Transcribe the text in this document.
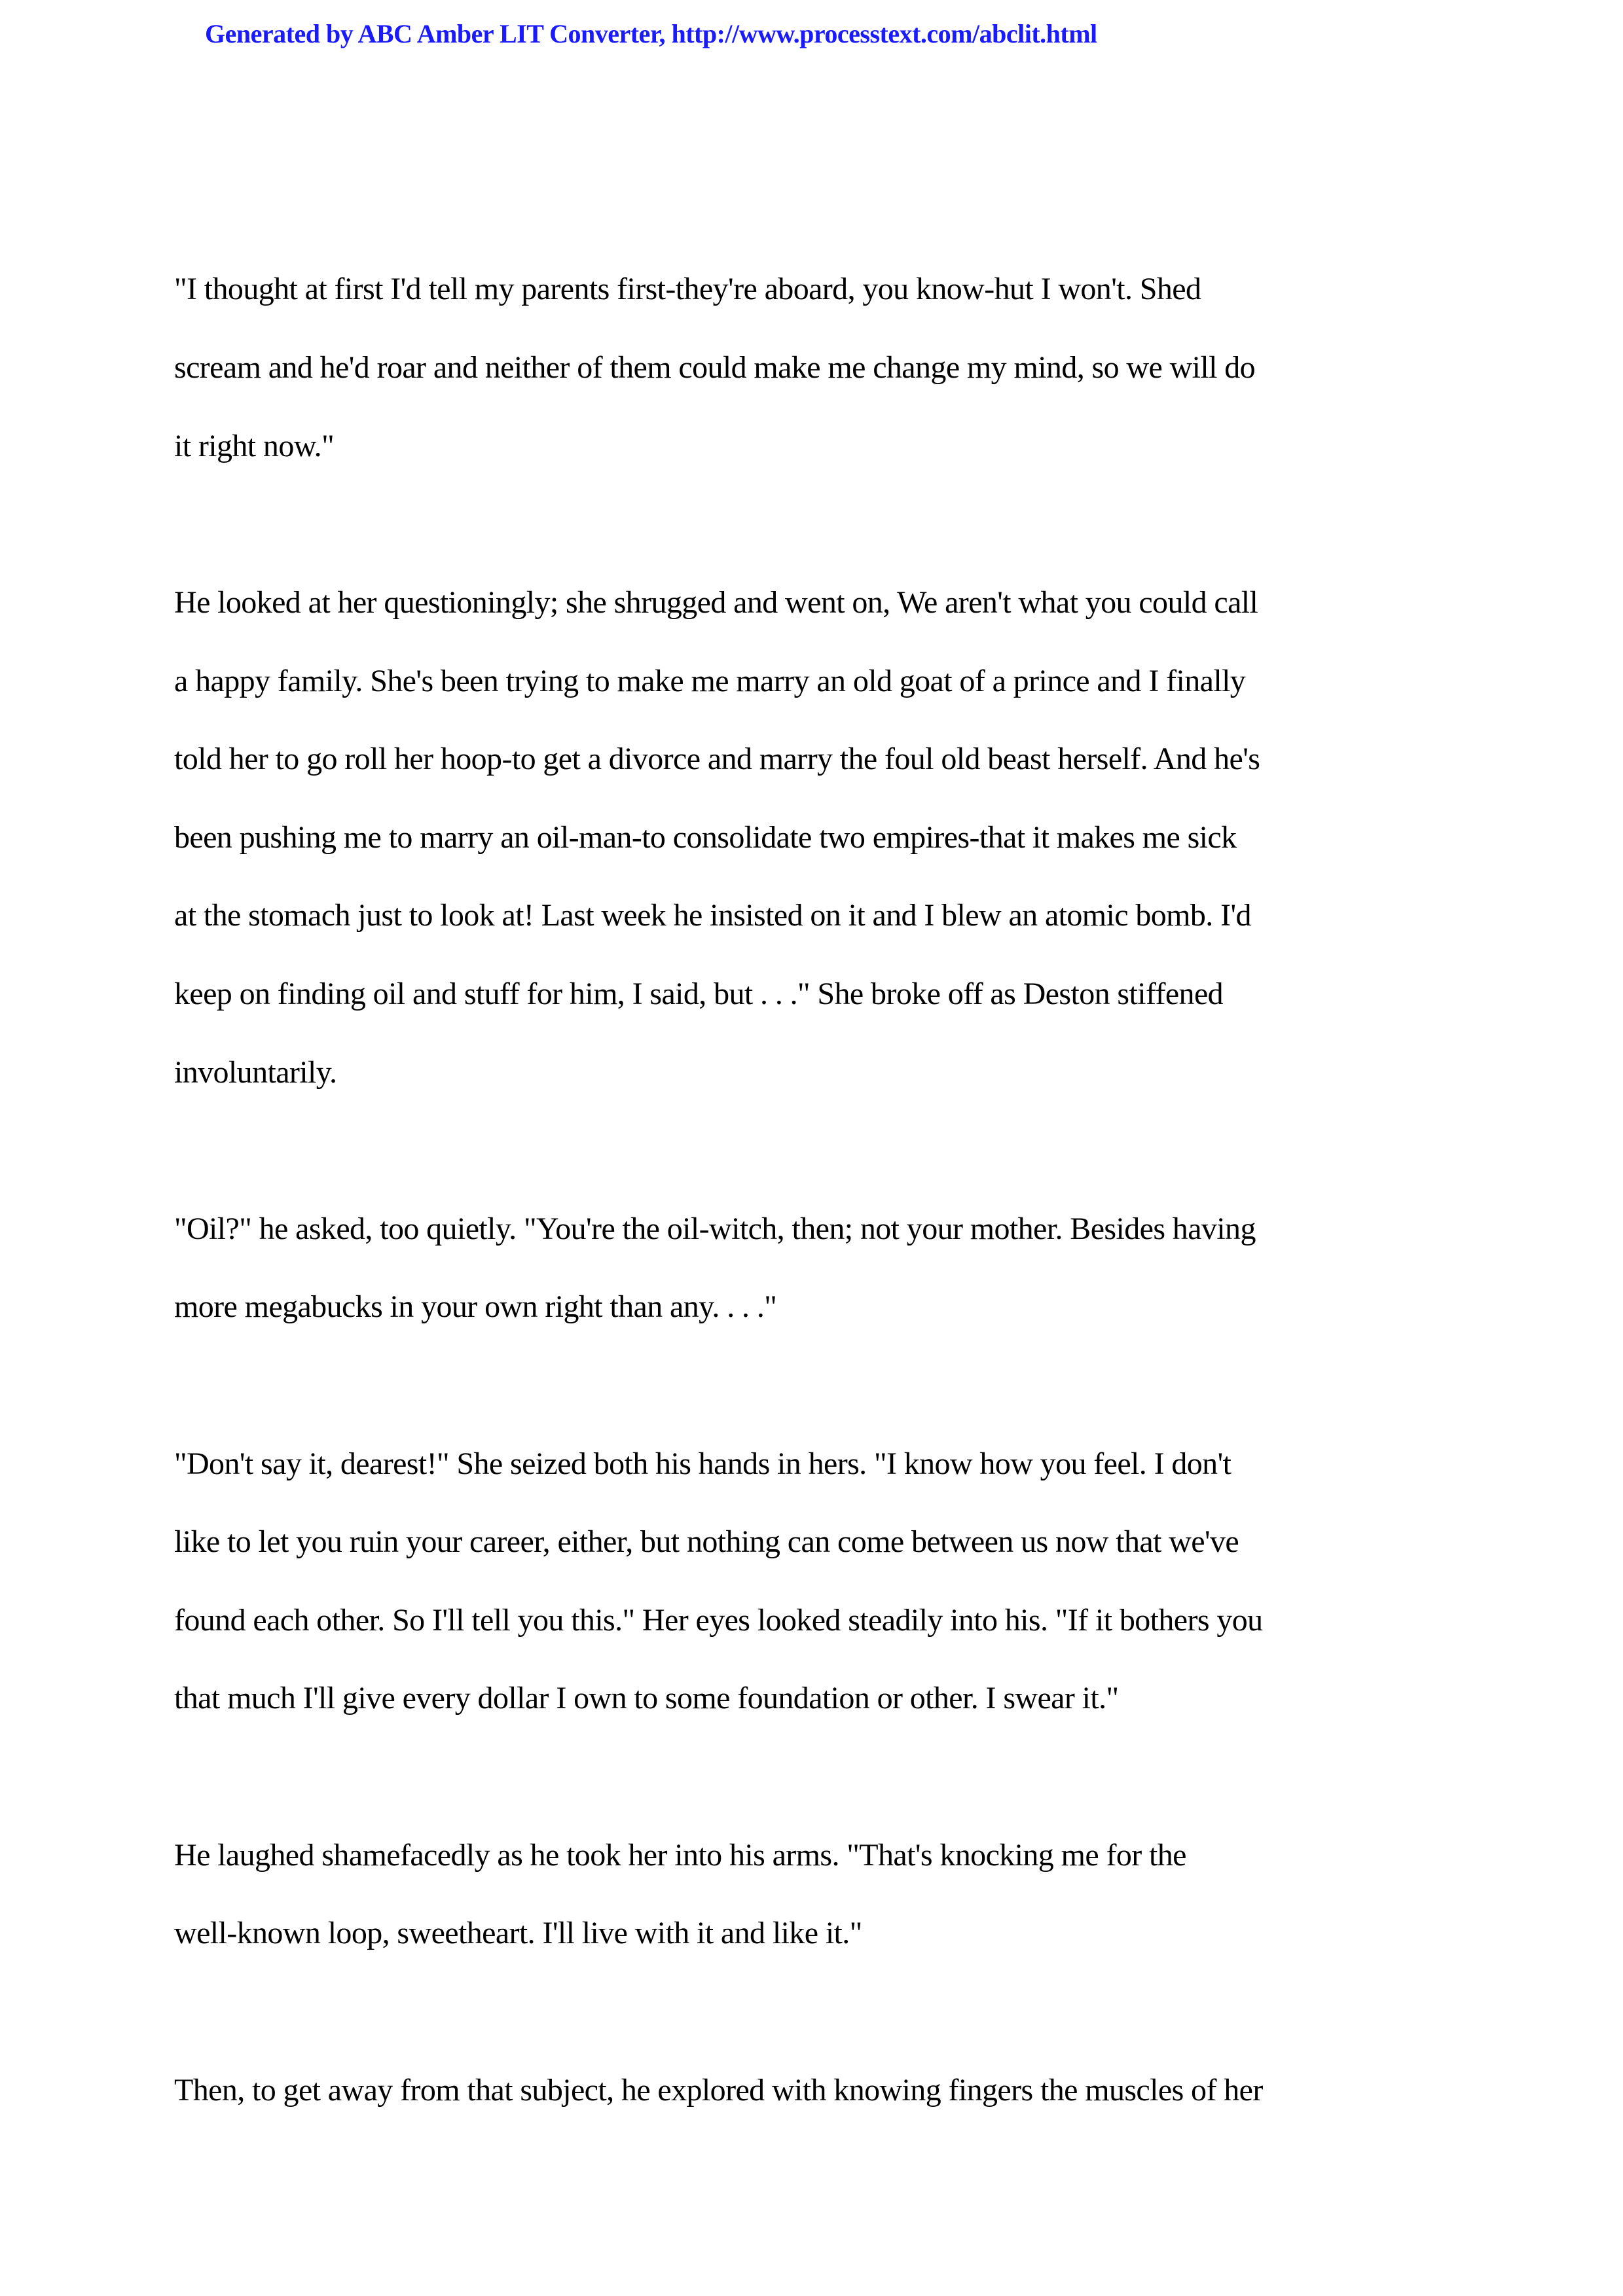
Generated by ABC Amber LIT Converter, http://www.processtext.com/abclit.html
"I thought at first I'd tell my parents first-they're aboard, you know-hut I won't. Shed
scream and he'd roar and neither of them could make me change my mind, so we will do
it right now."
He looked at her questioningly; she shrugged and went on, We aren't what you could call
a happy family. She's been trying to make me marry an old goat of a prince and I finally
told her to go roll her hoop-to get a divorce and marry the foul old beast herself. And he's
been pushing me to marry an oil-man-to consolidate two empires-that it makes me sick
at the stomach just to look at! Last week he insisted on it and I blew an atomic bomb. I'd
keep on finding oil and stuff for him, I said, but . . ." She broke off as Deston stiffened
involuntarily.
"Oil?" he asked, too quietly. "You're the oil-witch, then; not your mother. Besides having
more megabucks in your own right than any. . . ."
"Don't say it, dearest!" She seized both his hands in hers. "I know how you feel. I don't
like to let you ruin your career, either, but nothing can come between us now that we've
found each other. So I'll tell you this." Her eyes looked steadily into his. "If it bothers you
that much I'll give every dollar I own to some foundation or other. I swear it."
He laughed shamefacedly as he took her into his arms. "That's knocking me for the
well-known loop, sweetheart. I'll live with it and like it."
Then, to get away from that subject, he explored with knowing fingers the muscles of her
